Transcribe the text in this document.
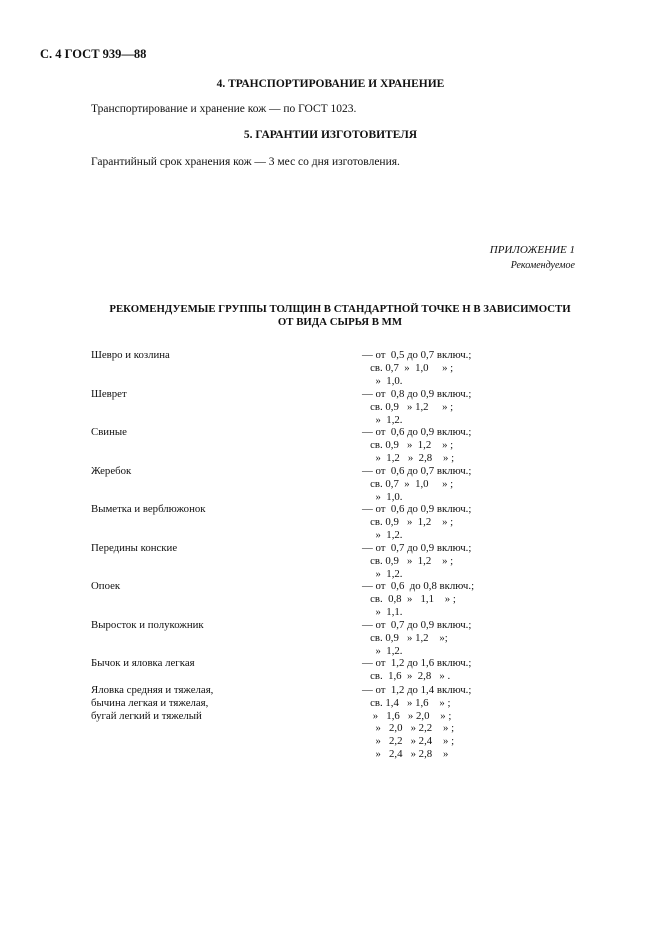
С. 4 ГОСТ 939—88
4. ТРАНСПОРТИРОВАНИЕ И ХРАНЕНИЕ
Транспортирование и хранение кож — по ГОСТ 1023.
5. ГАРАНТИИ ИЗГОТОВИТЕЛЯ
Гарантийный срок хранения кож — 3 мес со дня изготовления.
ПРИЛОЖЕНИЕ 1
Рекомендуемое
РЕКОМЕНДУЕМЫЕ ГРУППЫ ТОЛЩИН В СТАНДАРТНОЙ ТОЧКЕ Н В ЗАВИСИМОСТИ
ОТ ВИДА СЫРЬЯ В ММ
Шевро и козлина	— от  0,5 до 0,7 включ.;
св. 0,7  »  1,0     » ;
»  1,0.
Шеврет	— от  0,8 до 0,9 включ.;
св. 0,9   » 1,2     » ;
»  1,2.
Свиные	— от  0,6 до 0,9 включ.;
св. 0,9   »  1,2    » ;
»  1,2   »  2,8    » ;
Жеребок	— от  0,6 до 0,7 включ.;
св. 0,7  »  1,0     » ;
»  1,0.
Выметка и верблюжонок	— от  0,6 до 0,9 включ.;
св. 0,9   »  1,2    » ;
»  1,2.
Передины конские	— от  0,7 до 0,9 включ.;
св. 0,9   »  1,2    » ;
»  1,2.
Опоек	— от  0,6  до 0,8 включ.;
св.  0,8  »   1,1    » ;
»  1,1.
Выросток и полукожник	— от  0,7 до 0,9 включ.;
св. 0,9   » 1,2    »;
»  1,2.
Бычок и яловка легкая	— от  1,2 до 1,6 включ.;
св.  1,6  »  2,8   » .
Яловка средняя и тяжелая,
бычина легкая и тяжелая,
бугай легкий и тяжелый
— от  1,2 до 1,4 включ.;
св. 1,4   » 1,6    » ;
»   1,6   » 2,0    » ;
»   2,0   » 2,2    » ;
»   2,2   » 2,4    » ;
»   2,4   » 2,8    »
